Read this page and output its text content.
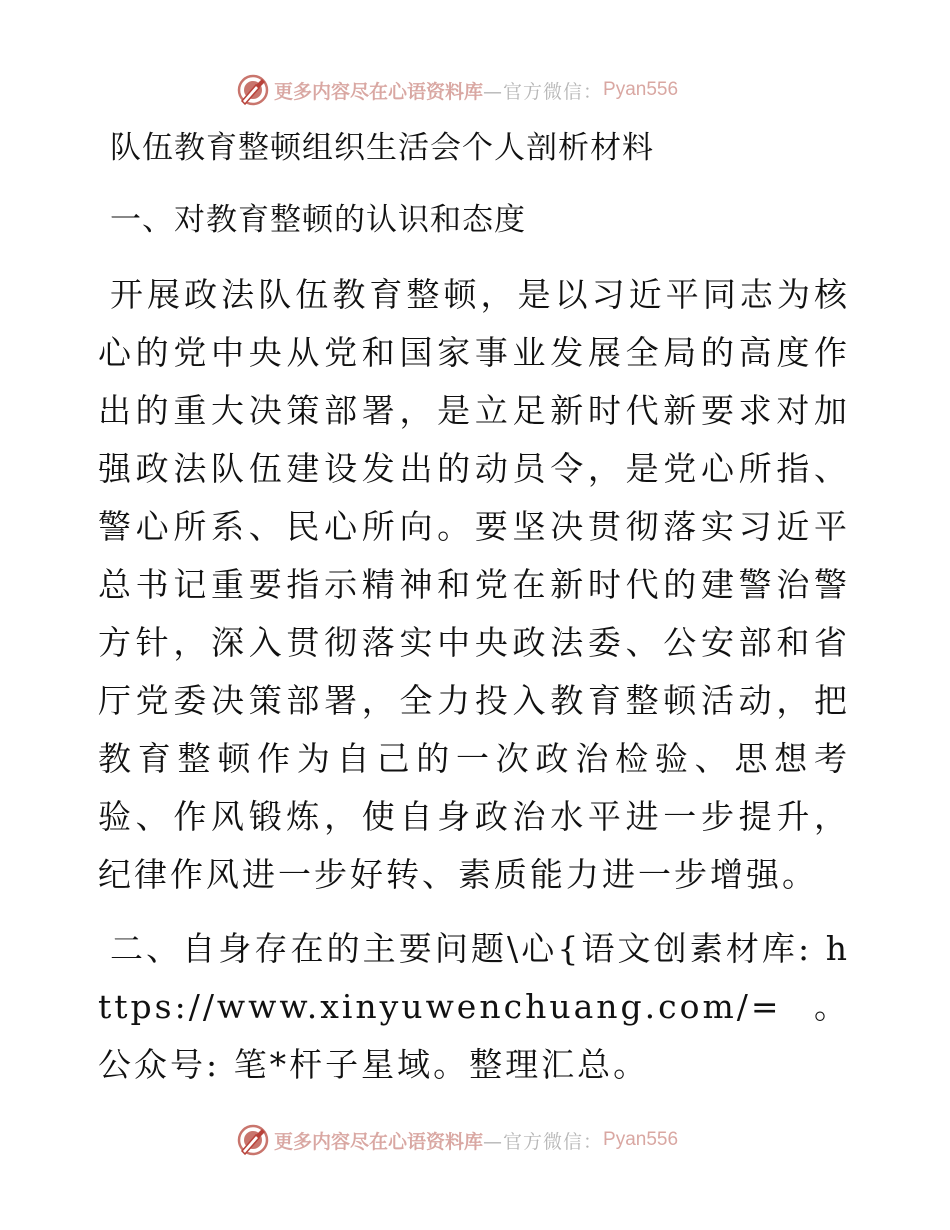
更多内容尽在心语资料库 —官方微信： Pyan556
队伍教育整顿组织生活会个人剖析材料
一、对教育整顿的认识和态度

开展政法队伍教育整顿，是以习近平同志为核心的党中央从党和国家事业发展全局的高度作出的重大决策部署，是立足新时代新要求对加强政法队伍建设发出的动员令，是党心所指、警心所系、民心所向。要坚决贯彻落实习近平总书记重要指示精神和党在新时代的建警治警方针，深入贯彻落实中央政法委、公安部和省厅党委决策部署，全力投入教育整顿活动，把教育整顿作为自己的一次政治检验、思想考验、作风锻炼，使自身政治水平进一步提升，纪律作风进一步好转、素质能力进一步增强。

二、自身存在的主要问题\心{语文创素材库: https://www.xinyuwenchuang.com/=。公众号: 笔*杆子星域。整理汇总。

更多内容尽在心语资料库 —官方微信： Pyan556
